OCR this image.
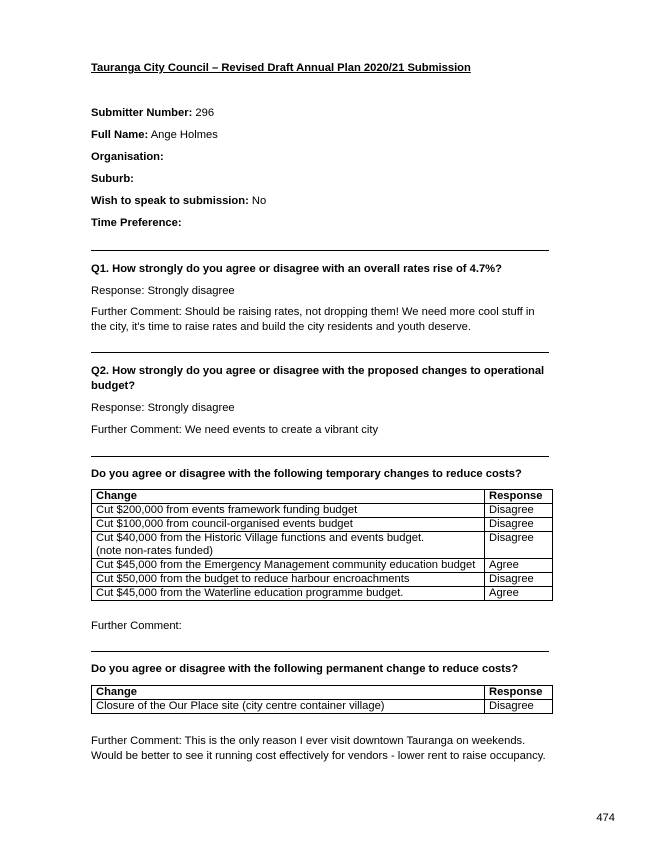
Tauranga City Council – Revised Draft Annual Plan 2020/21 Submission
Submitter Number: 296
Full Name: Ange Holmes
Organisation:
Suburb:
Wish to speak to submission: No
Time Preference:
Q1. How strongly do you agree or disagree with an overall rates rise of 4.7%?
Response: Strongly disagree
Further Comment: Should be raising rates, not dropping them! We need more cool stuff in the city, it's time to raise rates and build the city residents and youth deserve.
Q2. How strongly do you agree or disagree with the proposed changes to operational budget?
Response: Strongly disagree
Further Comment: We need events to create a vibrant city
Do you agree or disagree with the following temporary changes to reduce costs?
Change	Response
Cut $200,000 from events framework funding budget	Disagree
Cut $100,000 from council-organised events budget	Disagree
Cut $40,000 from the Historic Village functions and events budget.
(note non-rates funded)	Disagree
Cut $45,000 from the Emergency Management community education budget	Agree
Cut $50,000 from the budget to reduce harbour encroachments	Disagree
Cut $45,000 from the Waterline education programme budget.	Agree
Further Comment:
Do you agree or disagree with the following permanent change to reduce costs?
Change	Response
Closure of the Our Place site (city centre container village)	Disagree
Further Comment: This is the only reason I ever visit downtown Tauranga on weekends. Would be better to see it running cost effectively for vendors - lower rent to raise occupancy.
474
